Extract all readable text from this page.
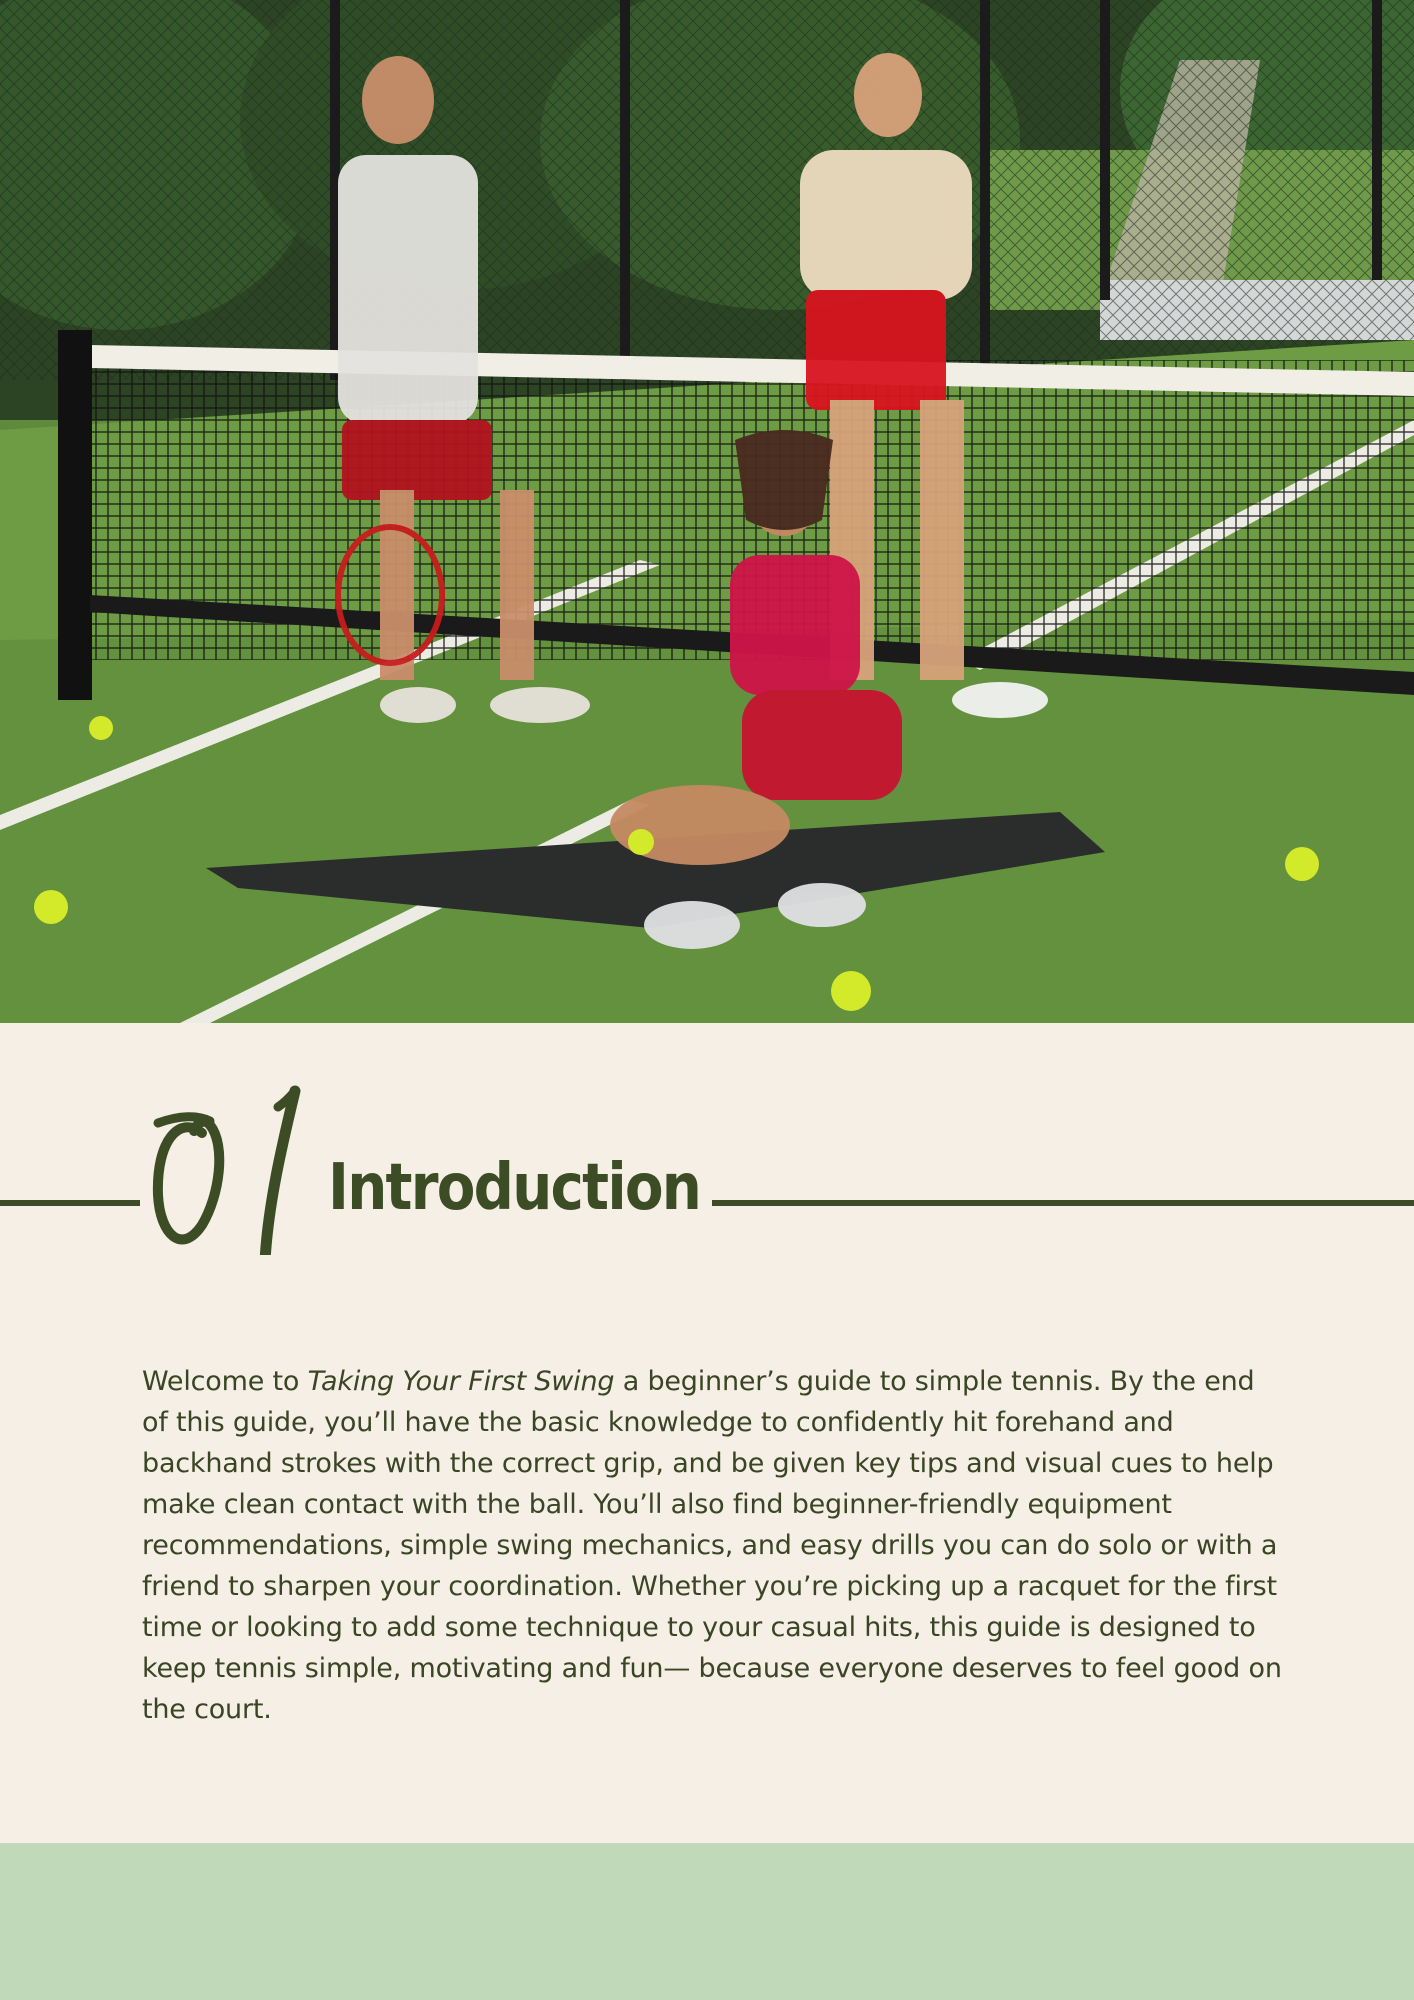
Introduction

Welcome to Taking Your First Swing a beginner’s guide to simple tennis. By the end of this guide, you’ll have the basic knowledge to confidently hit forehand and backhand strokes with the correct grip, and be given key tips and visual cues to help make clean contact with the ball. You’ll also find beginner-friendly equipment recommendations, simple swing mechanics, and easy drills you can do solo or with a friend to sharpen your coordination. Whether you’re picking up a racquet for the first time or looking to add some technique to your casual hits, this guide is designed to keep tennis simple, motivating and fun— because everyone deserves to feel good on the court.
